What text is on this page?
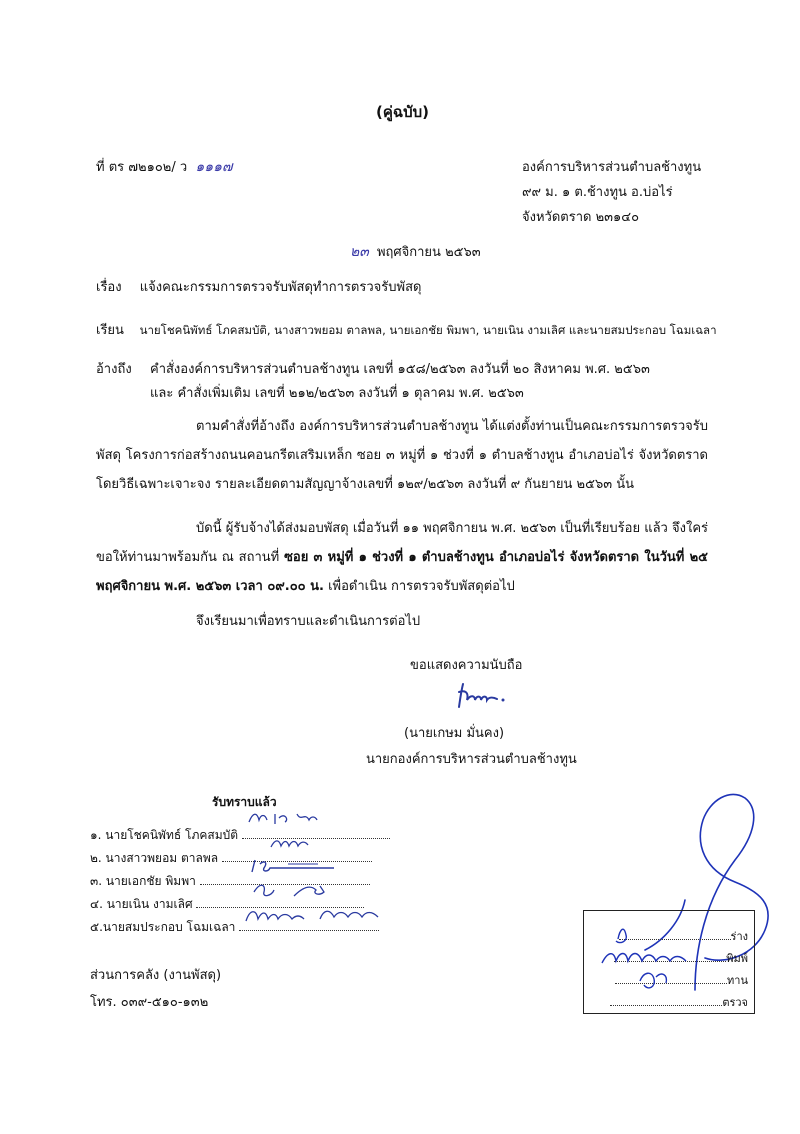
(คู่ฉบับ)
ที่ ตร ๗๒๑๐๒/ ว ๑๑๑๗	องค์การบริหารส่วนตำบลช้างทูน
๙๙ ม. ๑ ต.ช้างทูน อ.บ่อไร่
จังหวัดตราด ๒๓๑๔๐
๒๓ พฤศจิกายน ๒๕๖๓
เรื่อง แจ้งคณะกรรมการตรวจรับพัสดุทำการตรวจรับพัสดุ
เรียน นายโชคนิพัทธ์ โภคสมบัติ, นางสาวพยอม ตาลพล, นายเอกชัย พิมพา, นายเนิน งามเลิศ และนายสมประกอบ โฉมเฉลา
อ้างถึง คำสั่งองค์การบริหารส่วนตำบลช้างทูน เลขที่ ๑๕๘/๒๕๖๓ ลงวันที่ ๒๐ สิงหาคม พ.ศ. ๒๕๖๓
และ คำสั่งเพิ่มเติม เลขที่ ๒๑๒/๒๕๖๓ ลงวันที่ ๑ ตุลาคม พ.ศ. ๒๕๖๓
ตามคำสั่งที่อ้างถึง องค์การบริหารส่วนตำบลช้างทูน ได้แต่งตั้งท่านเป็นคณะกรรมการตรวจรับพัสดุ โครงการก่อสร้างถนนคอนกรีตเสริมเหล็ก ซอย ๓ หมู่ที่ ๑ ช่วงที่ ๑ ตำบลช้างทูน อำเภอบ่อไร่ จังหวัดตราด โดยวิธีเฉพาะเจาะจง รายละเอียดตามสัญญาจ้างเลขที่ ๑๒๙/๒๕๖๓ ลงวันที่ ๙ กันยายน ๒๕๖๓ นั้น
บัดนี้ ผู้รับจ้างได้ส่งมอบพัสดุ เมื่อวันที่ ๑๑ พฤศจิกายน พ.ศ. ๒๕๖๓ เป็นที่เรียบร้อย แล้ว จึงใคร่ขอให้ท่านมาพร้อมกัน ณ สถานที่ ซอย ๓ หมู่ที่ ๑ ช่วงที่ ๑ ตำบลช้างทูน อำเภอบ่อไร่ จังหวัดตราด ในวันที่ ๒๕ พฤศจิกายน พ.ศ. ๒๕๖๓ เวลา ๐๙.๐๐ น. เพื่อดำเนิน การตรวจรับพัสดุต่อไป
จึงเรียนมาเพื่อทราบและดำเนินการต่อไป
ขอแสดงความนับถือ
(นายเกษม มั่นคง)
นายกองค์การบริหารส่วนตำบลช้างทูน
รับทราบแล้ว
๑. นายโชคนิพัทธ์ โภคสมบัติ
๒. นางสาวพยอม ตาลพล
๓. นายเอกชัย พิมพา
๔. นายเนิน งามเลิศ
๕.นายสมประกอบ โฉมเฉลา
ส่วนการคลัง (งานพัสดุ)
โทร. ๐๓๙-๕๑๐-๑๓๒
ร่าง
พิมพ์
ทาน
ตรวจ
